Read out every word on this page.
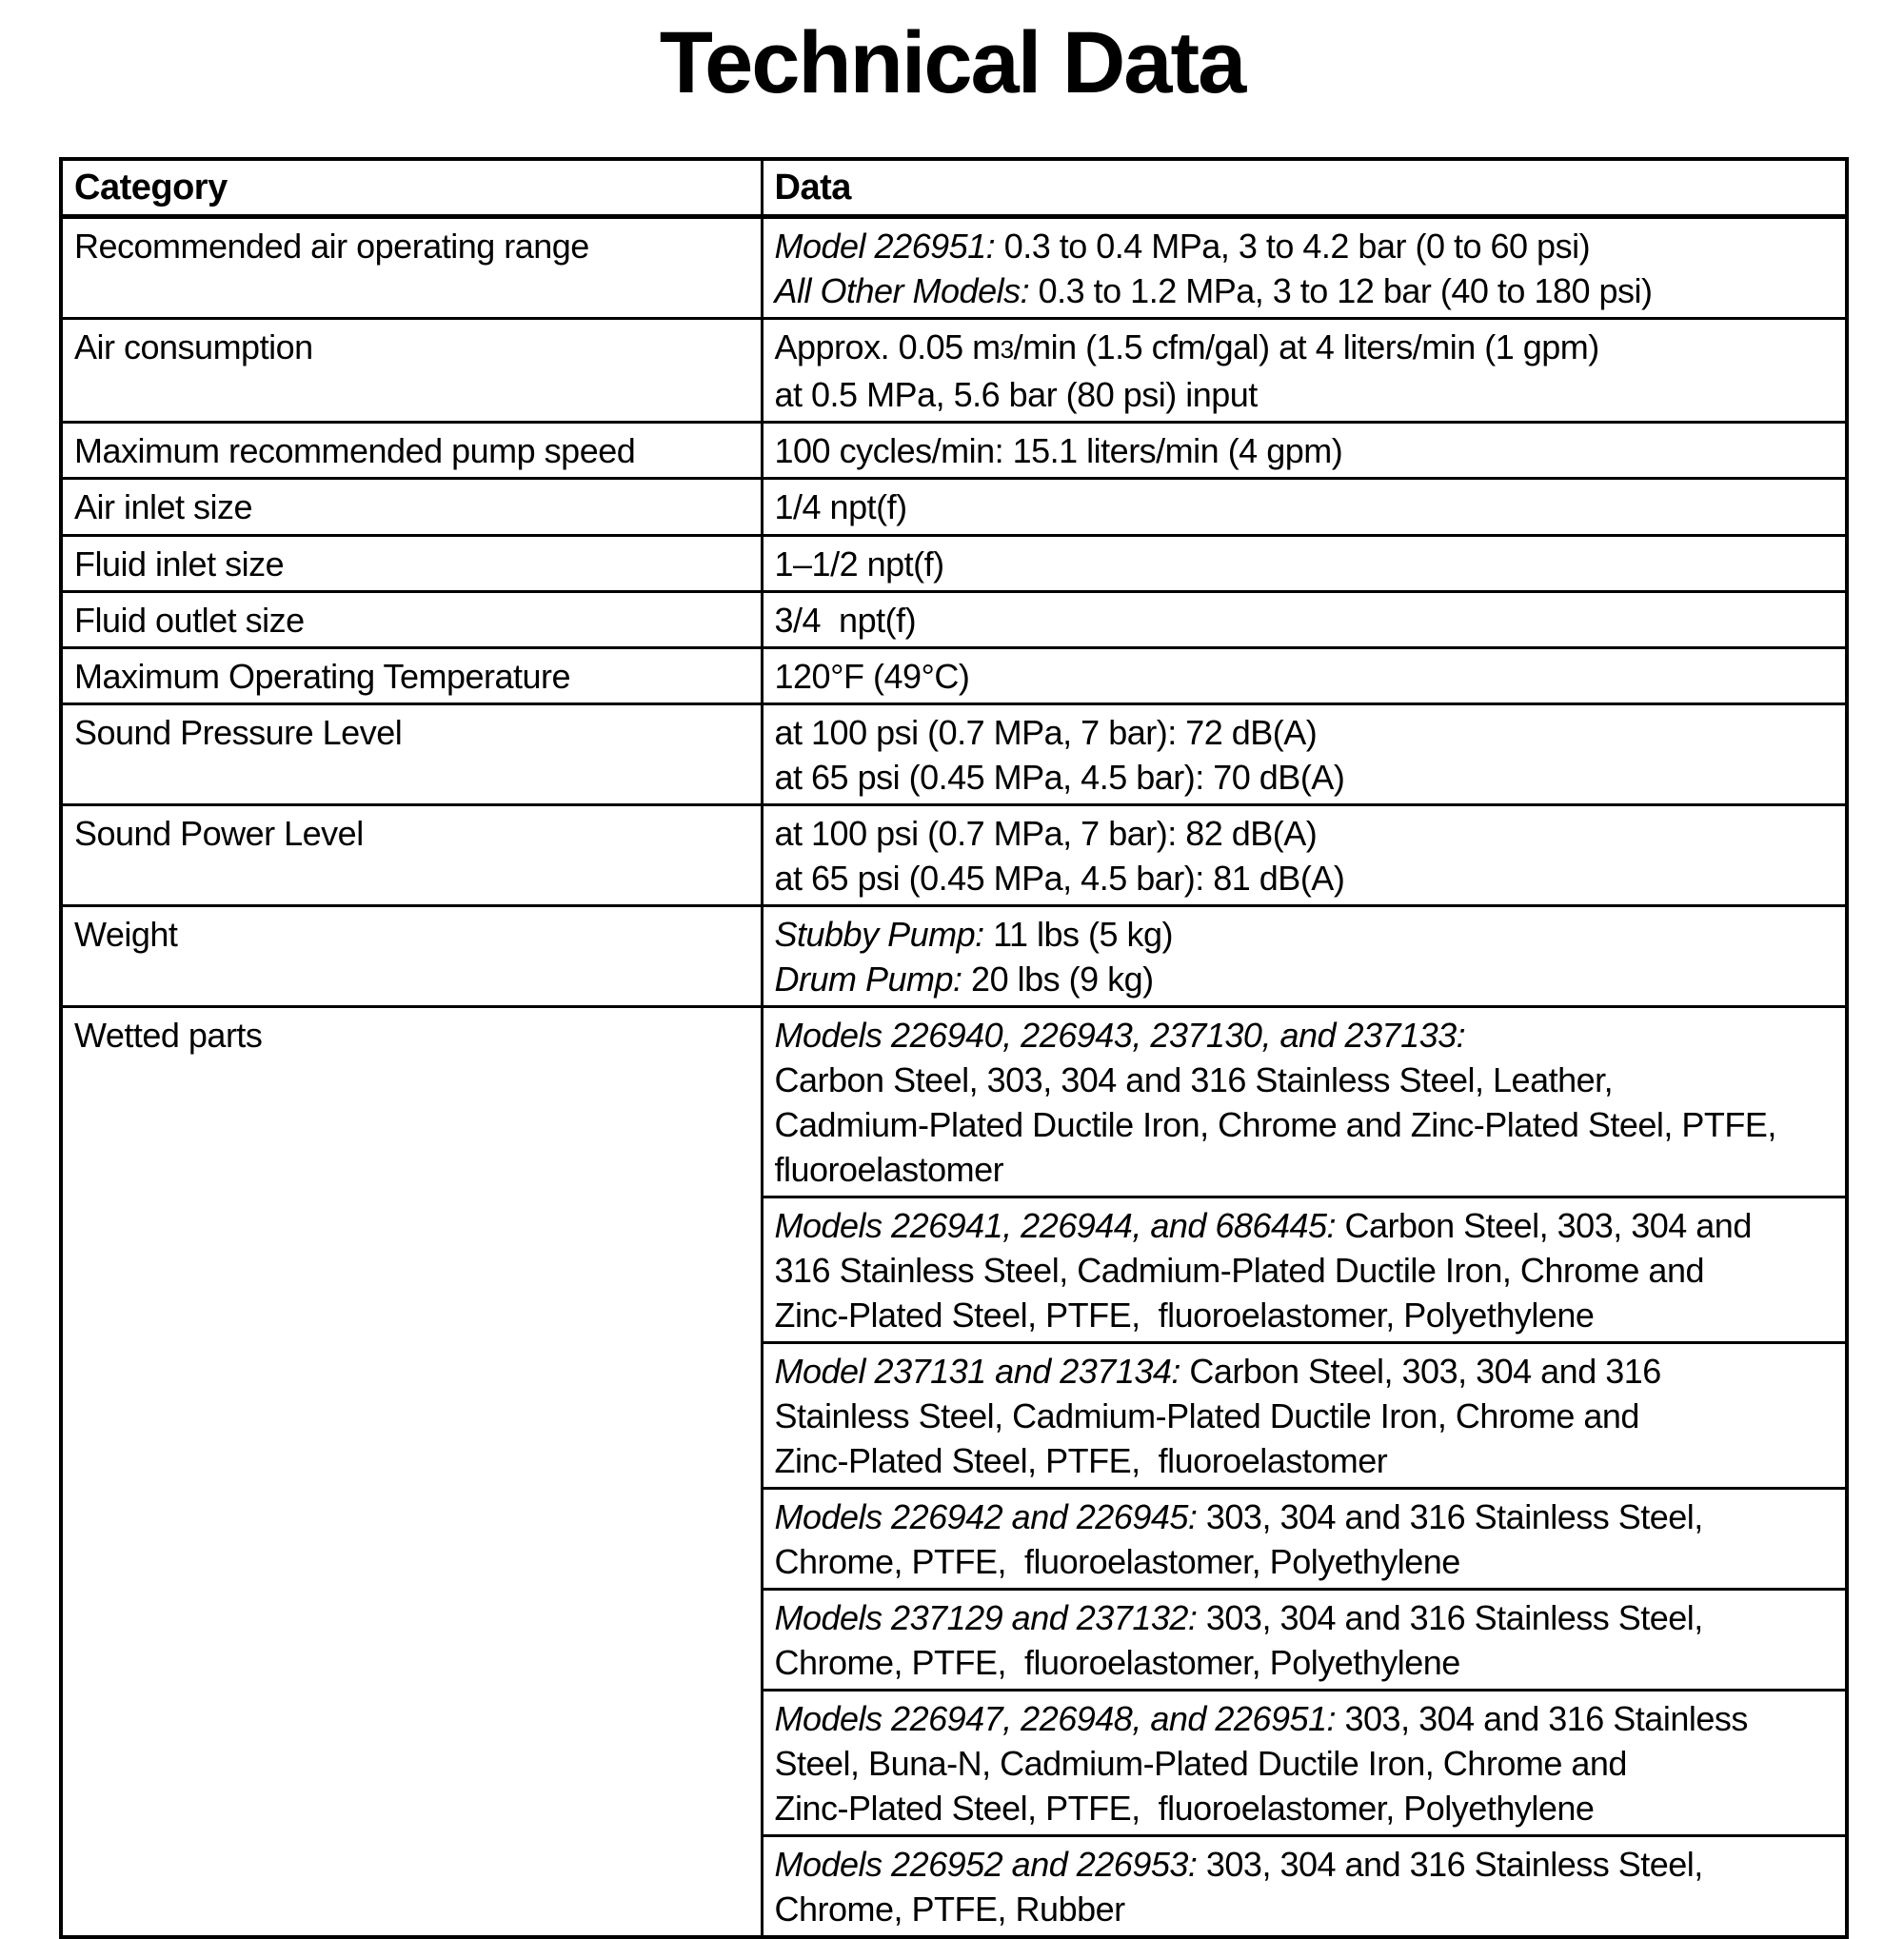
Technical Data
Category	Data
Recommended air operating range	Model 226951: 0.3 to 0.4 MPa, 3 to 4.2 bar (0 to 60 psi)
All Other Models: 0.3 to 1.2 MPa, 3 to 12 bar (40 to 180 psi)

Air consumption	Approx. 0.05 m3/min (1.5 cfm/gal) at 4 liters/min (1 gpm)
at 0.5 MPa, 5.6 bar (80 psi) input

Maximum recommended pump speed	100 cycles/min: 15.1 liters/min (4 gpm)

Air inlet size	1/4 npt(f)

Fluid inlet size	1–1/2 npt(f)

Fluid outlet size	3/4  npt(f)

Maximum Operating Temperature	120°F (49°C)

Sound Pressure Level	at 100 psi (0.7 MPa, 7 bar): 72 dB(A)
at 65 psi (0.45 MPa, 4.5 bar): 70 dB(A)

Sound Power Level	at 100 psi (0.7 MPa, 7 bar): 82 dB(A)
at 65 psi (0.45 MPa, 4.5 bar): 81 dB(A)

Weight	Stubby Pump: 11 lbs (5 kg)
Drum Pump: 20 lbs (9 kg)

Wetted parts	Models 226940, 226943, 237130, and 237133:
Carbon Steel, 303, 304 and 316 Stainless Steel, Leather,
Cadmium-Plated Ductile Iron, Chrome and Zinc-Plated Steel, PTFE,
fluoroelastomer

	Models 226941, 226944, and 686445: Carbon Steel, 303, 304 and
316 Stainless Steel, Cadmium-Plated Ductile Iron, Chrome and
Zinc-Plated Steel, PTFE,  fluoroelastomer, Polyethylene

	Model 237131 and 237134: Carbon Steel, 303, 304 and 316
Stainless Steel, Cadmium-Plated Ductile Iron, Chrome and
Zinc-Plated Steel, PTFE,  fluoroelastomer

	Models 226942 and 226945: 303, 304 and 316 Stainless Steel,
Chrome, PTFE,  fluoroelastomer, Polyethylene

	Models 237129 and 237132: 303, 304 and 316 Stainless Steel,
Chrome, PTFE,  fluoroelastomer, Polyethylene

	Models 226947, 226948, and 226951: 303, 304 and 316 Stainless
Steel, Buna-N, Cadmium-Plated Ductile Iron, Chrome and
Zinc-Plated Steel, PTFE,  fluoroelastomer, Polyethylene

	Models 226952 and 226953: 303, 304 and 316 Stainless Steel,
Chrome, PTFE, Rubber
